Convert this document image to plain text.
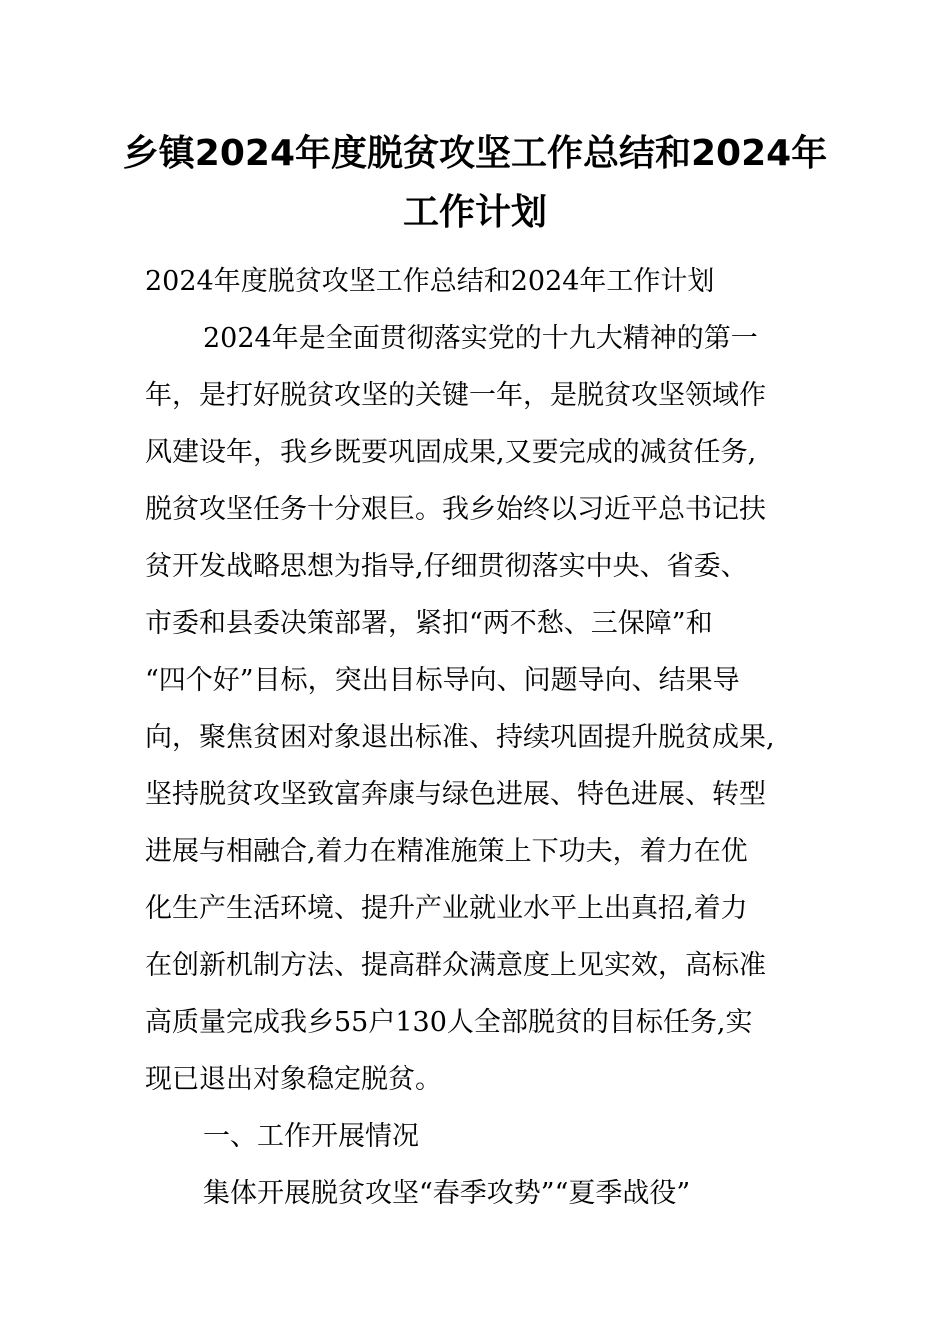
乡镇2024年度脱贫攻坚工作总结和2024年
工作计划
2024年度脱贫攻坚工作总结和2024年工作计划
2024年是全面贯彻落实党的十九大精神的第一
年，是打好脱贫攻坚的关键一年，是脱贫攻坚领域作
风建设年，我乡既要巩固成果,又要完成的减贫任务,
脱贫攻坚任务十分艰巨。我乡始终以习近平总书记扶
贫开发战略思想为指导,仔细贯彻落实中央、省委、
市委和县委决策部署，紧扣“两不愁、三保障”和
“四个好”目标，突出目标导向、问题导向、结果导
向，聚焦贫困对象退出标准、持续巩固提升脱贫成果,
坚持脱贫攻坚致富奔康与绿色进展、特色进展、转型
进展与相融合,着力在精准施策上下功夫，着力在优
化生产生活环境、提升产业就业水平上出真招,着力
在创新机制方法、提高群众满意度上见实效，高标准
高质量完成我乡55户130人全部脱贫的目标任务,实
现已退出对象稳定脱贫。
一、工作开展情况
集体开展脱贫攻坚“春季攻势”“夏季战役”
